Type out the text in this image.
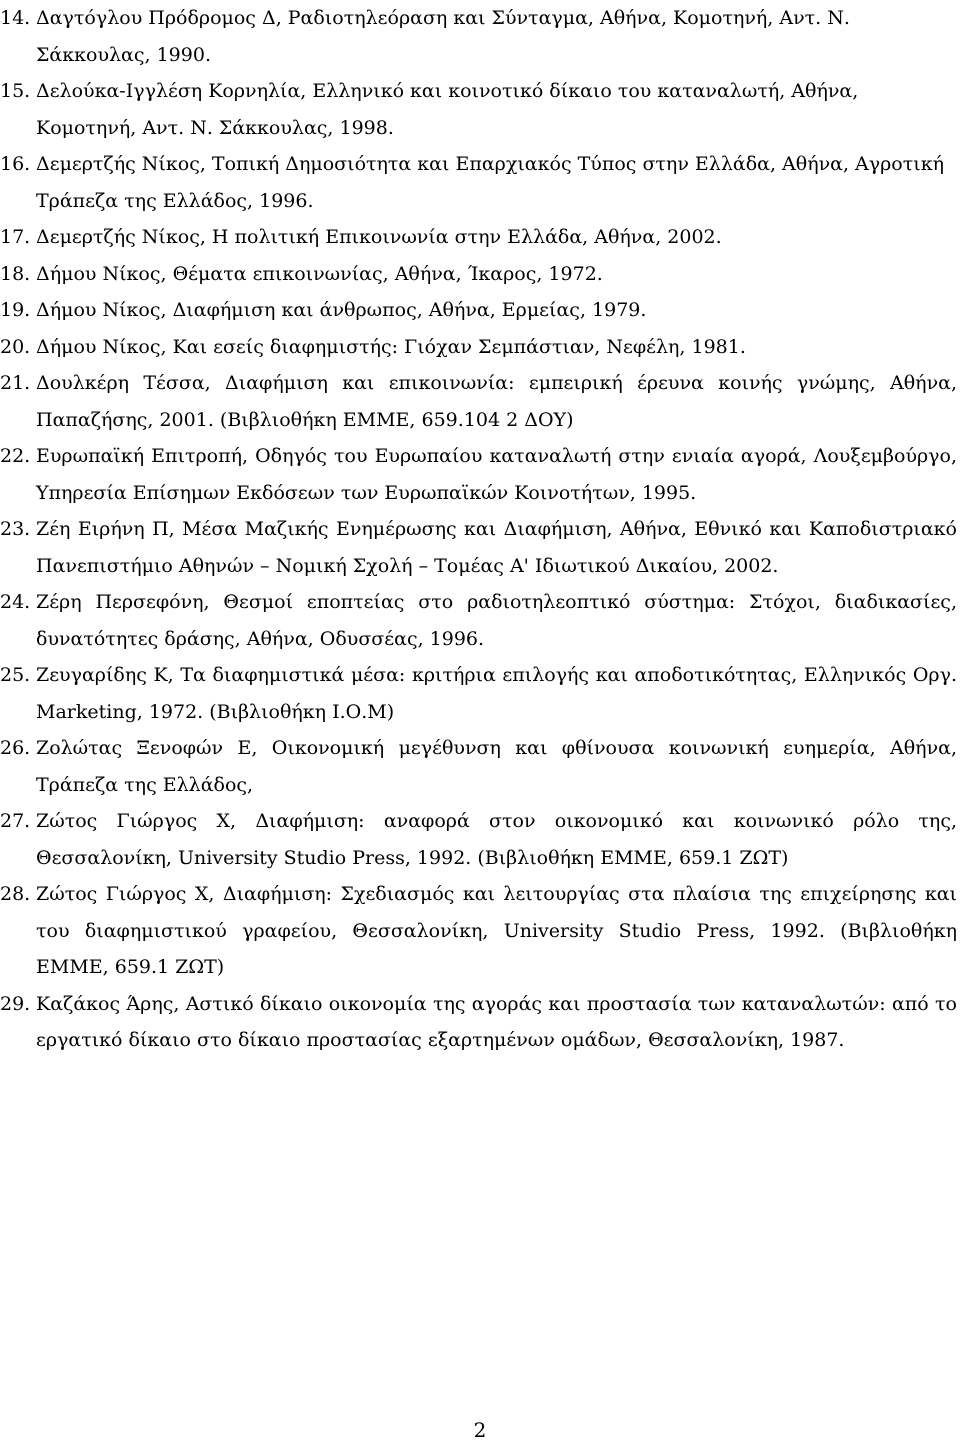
14. Δαγτόγλου Πρόδρομος Δ, Ραδιοτηλεόραση και Σύνταγμα, Αθήνα, Κομοτηνή, Αντ. Ν. Σάκκουλας, 1990.
15. Δελούκα-Ιγγλέση Κορνηλία, Ελληνικό και κοινοτικό δίκαιο του καταναλωτή, Αθήνα, Κομοτηνή, Αντ. Ν. Σάκκουλας, 1998.
16. Δεμερτζής Νίκος, Τοπική Δημοσιότητα και Επαρχιακός Τύπος στην Ελλάδα, Αθήνα, Αγροτική Τράπεζα της Ελλάδος, 1996.
17. Δεμερτζής Νίκος, Η πολιτική Επικοινωνία στην Ελλάδα, Αθήνα, 2002.
18. Δήμου Νίκος, Θέματα επικοινωνίας, Αθήνα, Ίκαρος, 1972.
19. Δήμου Νίκος, Διαφήμιση και άνθρωπος, Αθήνα, Ερμείας, 1979.
20. Δήμου Νίκος, Και εσείς διαφημιστής: Γιόχαν Σεμπάστιαν, Νεφέλη, 1981.
21. Δουλκέρη Τέσσα, Διαφήμιση και επικοινωνία: εμπειρική έρευνα κοινής γνώμης, Αθήνα, Παπαζήσης, 2001. (Βιβλιοθήκη ΕΜΜΕ, 659.104 2 ΔΟΥ)
22. Ευρωπαϊκή Επιτροπή, Οδηγός του Ευρωπαίου καταναλωτή στην ενιαία αγορά, Λουξεμβούργο, Υπηρεσία Επίσημων Εκδόσεων των Ευρωπαϊκών Κοινοτήτων, 1995.
23. Ζέη Ειρήνη Π, Μέσα Μαζικής Ενημέρωσης και Διαφήμιση, Αθήνα, Εθνικό και Καποδιστριακό Πανεπιστήμιο Αθηνών – Νομική Σχολή – Τομέας Α' Ιδιωτικού Δικαίου, 2002.
24. Ζέρη Περσεφόνη, Θεσμοί εποπτείας στο ραδιοτηλεοπτικό σύστημα: Στόχοι, διαδικασίες, δυνατότητες δράσης, Αθήνα, Οδυσσέας, 1996.
25. Ζευγαρίδης Κ, Τα διαφημιστικά μέσα: κριτήρια επιλογής και αποδοτικότητας, Ελληνικός Οργ. Marketing, 1972. (Βιβλιοθήκη Ι.Ο.Μ)
26. Ζολώτας Ξενοφών Ε, Οικονομική μεγέθυνση και φθίνουσα κοινωνική ευημερία, Αθήνα, Τράπεζα της Ελλάδος,
27. Ζώτος Γιώργος Χ, Διαφήμιση: αναφορά στον οικονομικό και κοινωνικό ρόλο της, Θεσσαλονίκη, University Studio Press, 1992. (Βιβλιοθήκη ΕΜΜΕ, 659.1 ΖΩΤ)
28. Ζώτος Γιώργος Χ, Διαφήμιση: Σχεδιασμός και λειτουργίας στα πλαίσια της επιχείρησης και του διαφημιστικού γραφείου, Θεσσαλονίκη, University Studio Press, 1992. (Βιβλιοθήκη ΕΜΜΕ, 659.1 ΖΩΤ)
29. Καζάκος Άρης, Αστικό δίκαιο οικονομία της αγοράς και προστασία των καταναλωτών: από το εργατικό δίκαιο στο δίκαιο προστασίας εξαρτημένων ομάδων, Θεσσαλονίκη, 1987.
2
